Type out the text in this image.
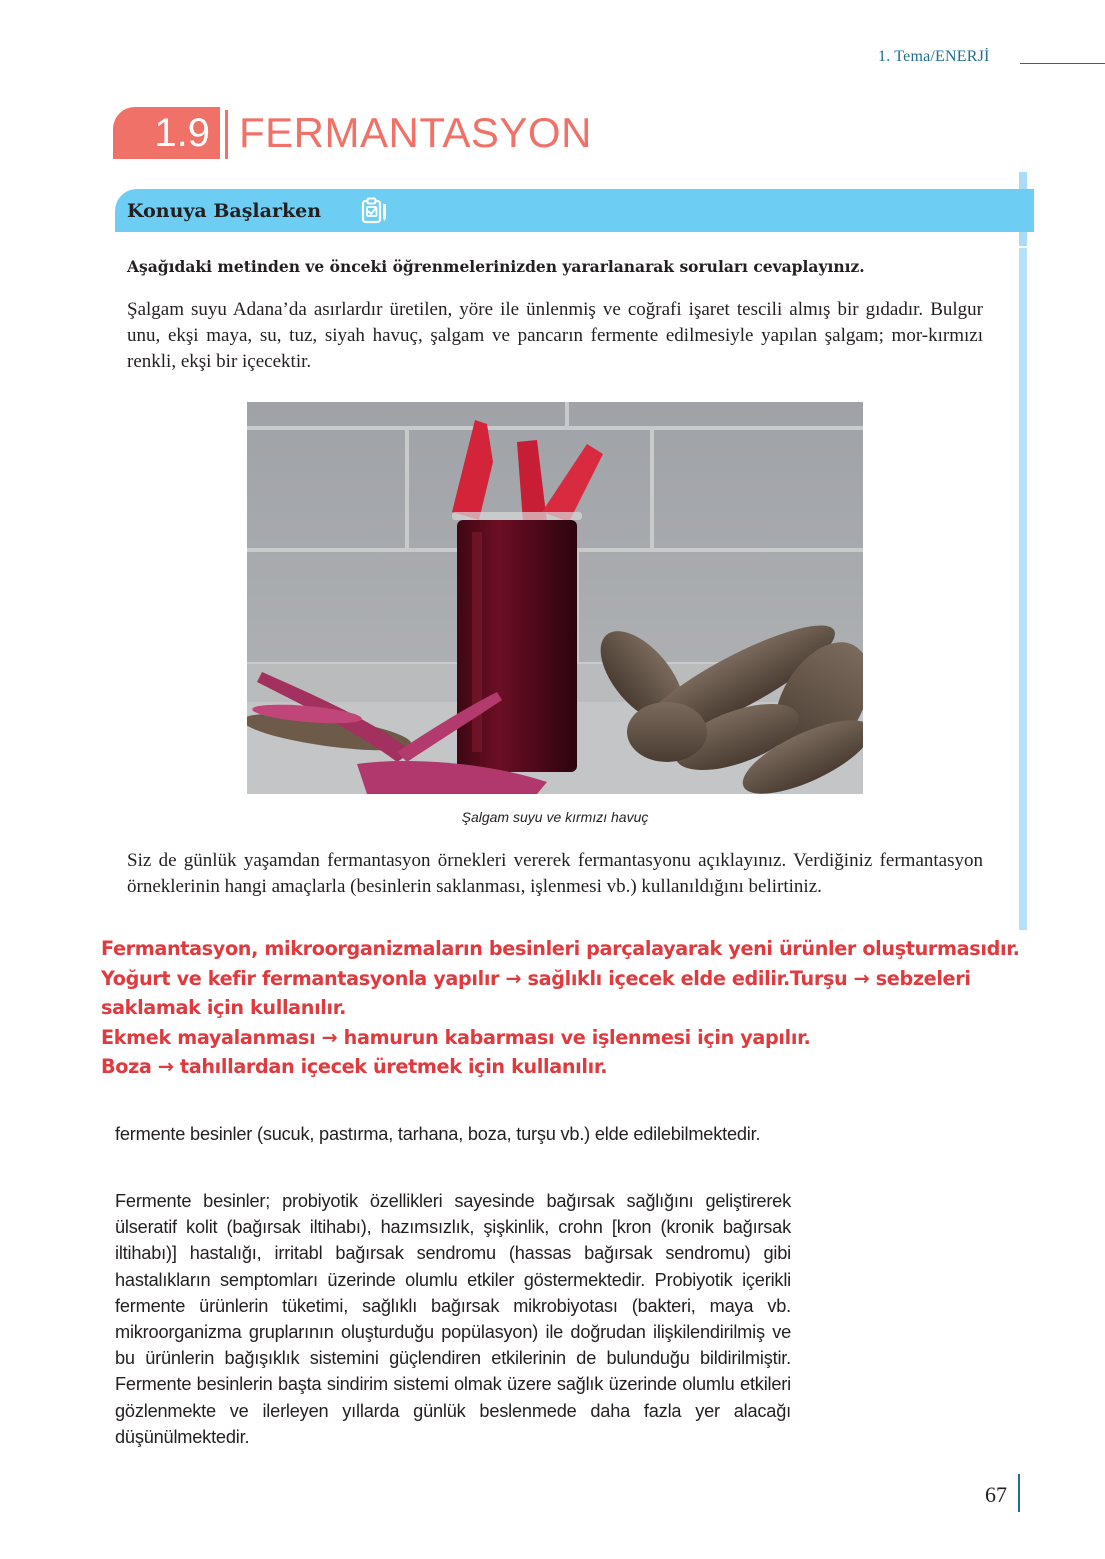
1. Tema/ENERJİ
1.9 FERMANTASYON
Konuya Başlarken
Aşağıdaki metinden ve önceki öğrenmelerinizden yararlanarak soruları cevaplayınız.
Şalgam suyu Adana’da asırlardır üretilen, yöre ile ünlenmiş ve coğrafi işaret tescili almış bir gıdadır. Bulgur unu, ekşi maya, su, tuz, siyah havuç, şalgam ve pancarın fermente edilmesiyle yapılan şalgam; mor-kırmızı renkli, ekşi bir içecektir.
Şalgam suyu ve kırmızı havuç
Siz de günlük yaşamdan fermantasyon örnekleri vererek fermantasyonu açıklayınız. Verdiğiniz fermantasyon örneklerinin hangi amaçlarla (besinlerin saklanması, işlenmesi vb.) kullanıldığını belirtiniz.
Fermantasyon, mikroorganizmaların besinleri parçalayarak yeni ürünler oluşturmasıdır.
Yoğurt ve kefir fermantasyonla yapılır → sağlıklı içecek elde edilir.Turşu → sebzeleri
saklamak için kullanılır.
Ekmek mayalanması → hamurun kabarması ve işlenmesi için yapılır.
Boza → tahıllardan içecek üretmek için kullanılır.
fermente besinler (sucuk, pastırma, tarhana, boza, turşu vb.) elde edilebilmektedir.
Fermente besinler; probiyotik özellikleri sayesinde bağırsak sağlığını geliştirerek ülseratif kolit (bağırsak iltihabı), hazımsızlık, şişkinlik, crohn [kron (kronik bağırsak iltihabı)] hastalığı, irritabl bağırsak sendromu (hassas bağırsak sendromu) gibi hastalıkların semptomları üzerinde olumlu etkiler göstermektedir. Probiyotik içerikli fermente ürünlerin tüketimi, sağlıklı bağırsak mikrobiyotası (bakteri, maya vb. mikroorganizma gruplarının oluşturduğu popülasyon) ile doğrudan ilişkilendirilmiş ve bu ürünlerin bağışıklık sistemini güçlendiren etkilerinin de bulunduğu bildirilmiştir. Fermente besinlerin başta sindirim sistemi olmak üzere sağlık üzerinde olumlu etkileri gözlenmekte ve ilerleyen yıllarda günlük beslenmede daha fazla yer alacağı düşünülmektedir.
67
